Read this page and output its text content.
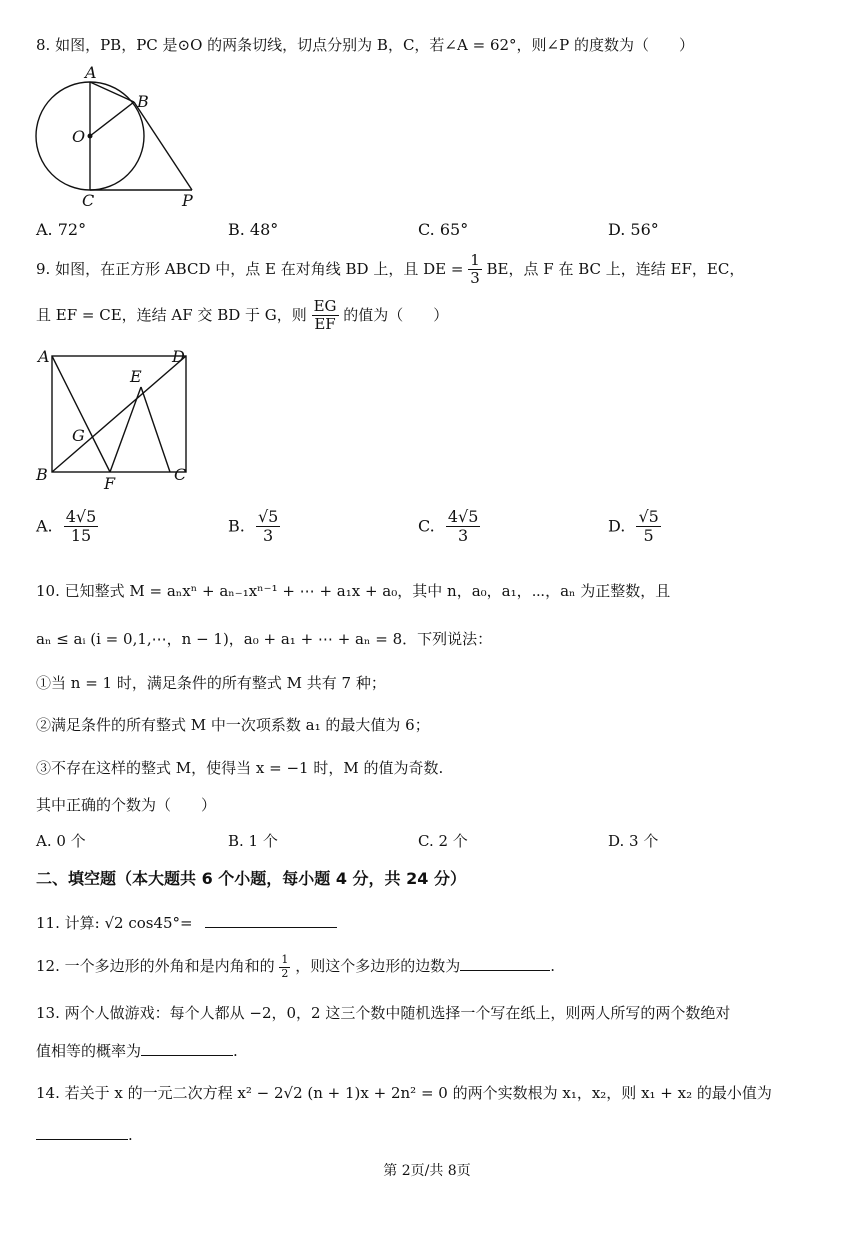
8. 如图，PB，PC 是⊙O 的两条切线，切点分别为 B，C，若∠A = 62°，则∠P 的度数为（　　）
A
B
O
C	P
A. 72°	B. 48°	C. 65°	D. 56°
9. 如图，在正方形 ABCD 中，点 E 在对角线 BD 上，且 DE = $\frac{1}{3}$ BE，点 F 在 BC 上，连结 EF，EC，
且 EF = CE，连结 AF 交 BD 于 G，则 $\frac{EG}{EF}$ 的值为（　　）
A	D
E
G
B	F	C
A. $\frac{4√5}{15}$	B. $\frac{√5}{3}$	C. $\frac{4√5}{3}$	D. $\frac{√5}{5}$
10. 已知整式 M = aₙxⁿ + aₙ₋₁xⁿ⁻¹ + ⋯ + a₁x + a₀，其中 n，a₀，a₁，⋯，aₙ 为正整数，且
aₙ ≤ aᵢ (i = 0,1,⋯，n − 1)，a₀ + a₁ + ⋯ + aₙ = 8．下列说法：
①当 n = 1 时，满足条件的所有整式 M 共有 7 种；
②满足条件的所有整式 M 中一次项系数 a₁ 的最大值为 6；
③不存在这样的整式 M，使得当 x = −1 时，M 的值为奇数.
其中正确的个数为（　　）
A. 0 个	B. 1 个	C. 2 个	D. 3 个
二、填空题（本大题共 6 个小题，每小题 4 分，共 24 分）
11. 计算: √2 cos45°=
12. 一个多边形的外角和是内角和的 $\frac{1}{2}$ ，则这个多边形的边数为	.
13. 两个人做游戏：每个人都从 −2，0，2 这三个数中随机选择一个写在纸上，则两人所写的两个数绝对
值相等的概率为	.
14. 若关于 x 的一元二次方程 x² − 2√2 (n + 1)x + 2n² = 0 的两个实数根为 x₁，x₂，则 x₁ + x₂ 的最小值为
.
第 2页/共 8页
